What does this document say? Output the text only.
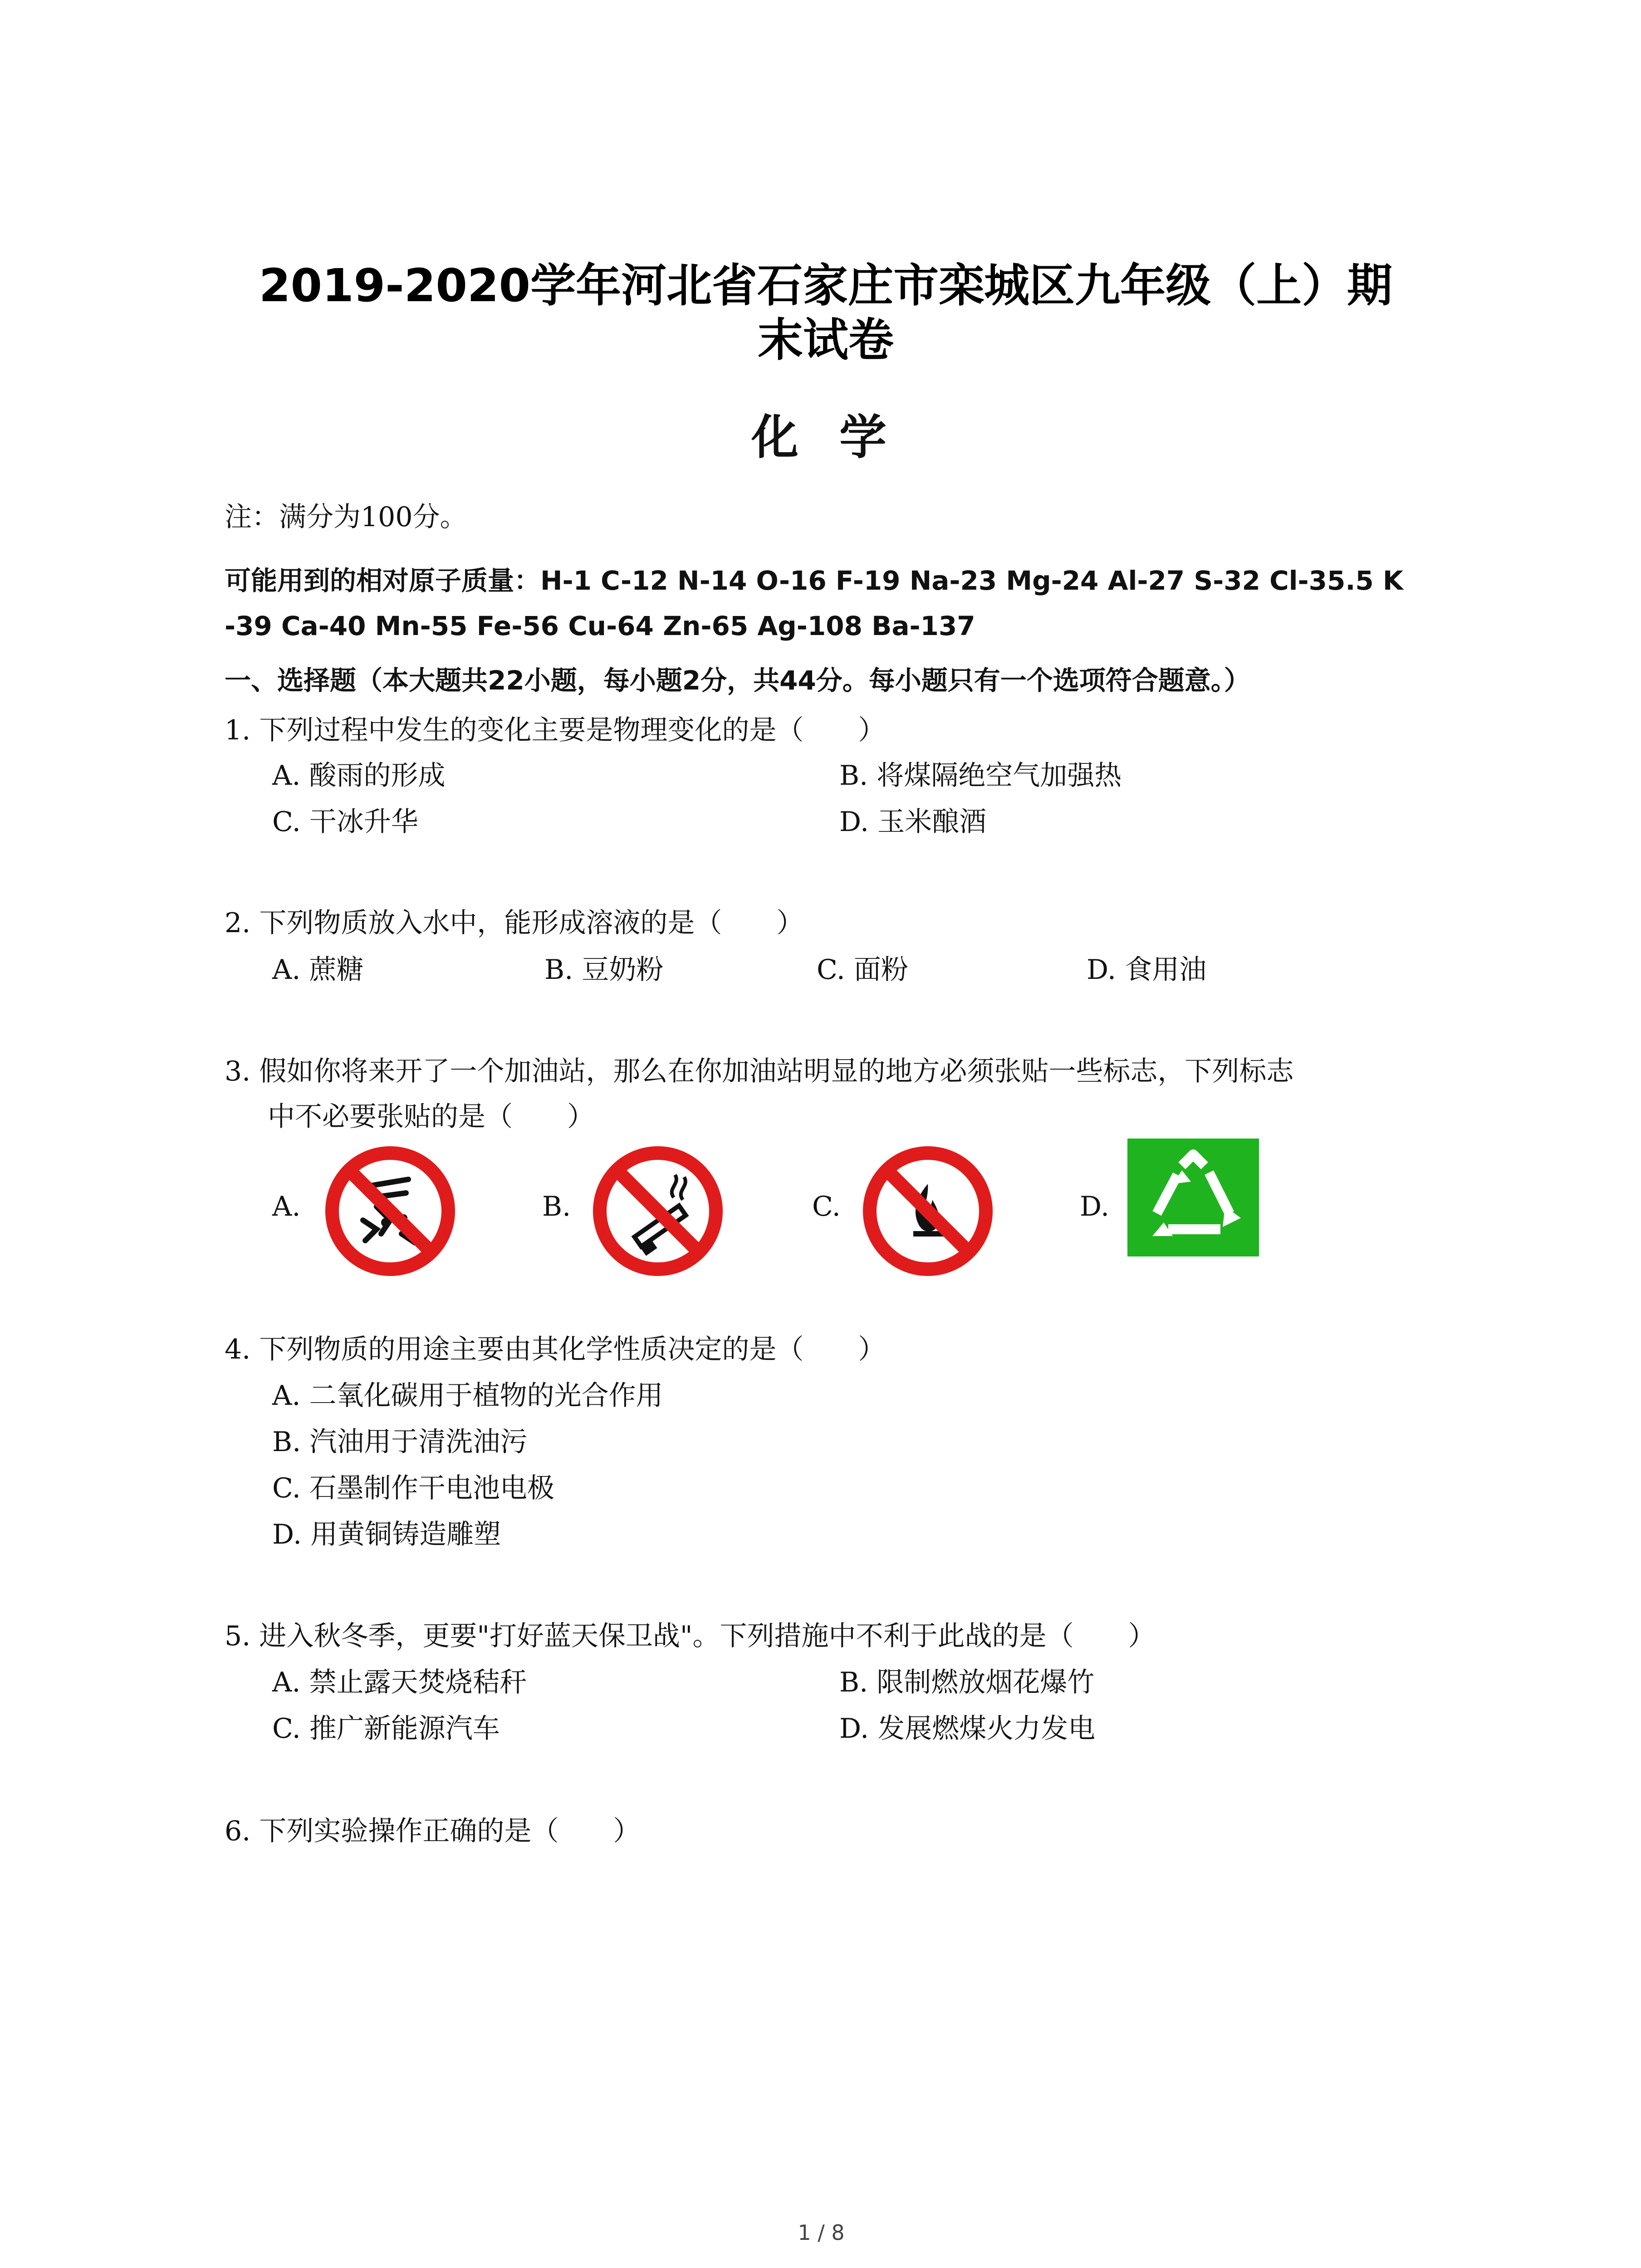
2019-2020学年河北省石家庄市栾城区九年级（上）期
末试卷
化学
注：满分为100分。
可能用到的相对原子质量：H-1 C-12 N-14 O-16 F-19 Na-23 Mg-24 Al-27 S-32 Cl-35.5 K
-39 Ca-40 Mn-55 Fe-56 Cu-64 Zn-65 Ag-108 Ba-137
一、选择题（本大题共22小题，每小题2分，共44分。每小题只有一个选项符合题意。）
1. 下列过程中发生的变化主要是物理变化的是（　　）
A. 酸雨的形成	B. 将煤隔绝空气加强热
C. 干冰升华	D. 玉米酿酒
2. 下列物质放入水中，能形成溶液的是（　　）
A. 蔗糖	B. 豆奶粉	C. 面粉	D. 食用油
3. 假如你将来开了一个加油站，那么在你加油站明显的地方必须张贴一些标志，下列标志
中不必要张贴的是（　　）
A.	B.	C.	D.
4. 下列物质的用途主要由其化学性质决定的是（　　）
A. 二氧化碳用于植物的光合作用
B. 汽油用于清洗油污
C. 石墨制作干电池电极
D. 用黄铜铸造雕塑
5. 进入秋冬季，更要"打好蓝天保卫战"。下列措施中不利于此战的是（　　）
A. 禁止露天焚烧秸秆	B. 限制燃放烟花爆竹
C. 推广新能源汽车	D. 发展燃煤火力发电
6. 下列实验操作正确的是（　　）
1 / 8
